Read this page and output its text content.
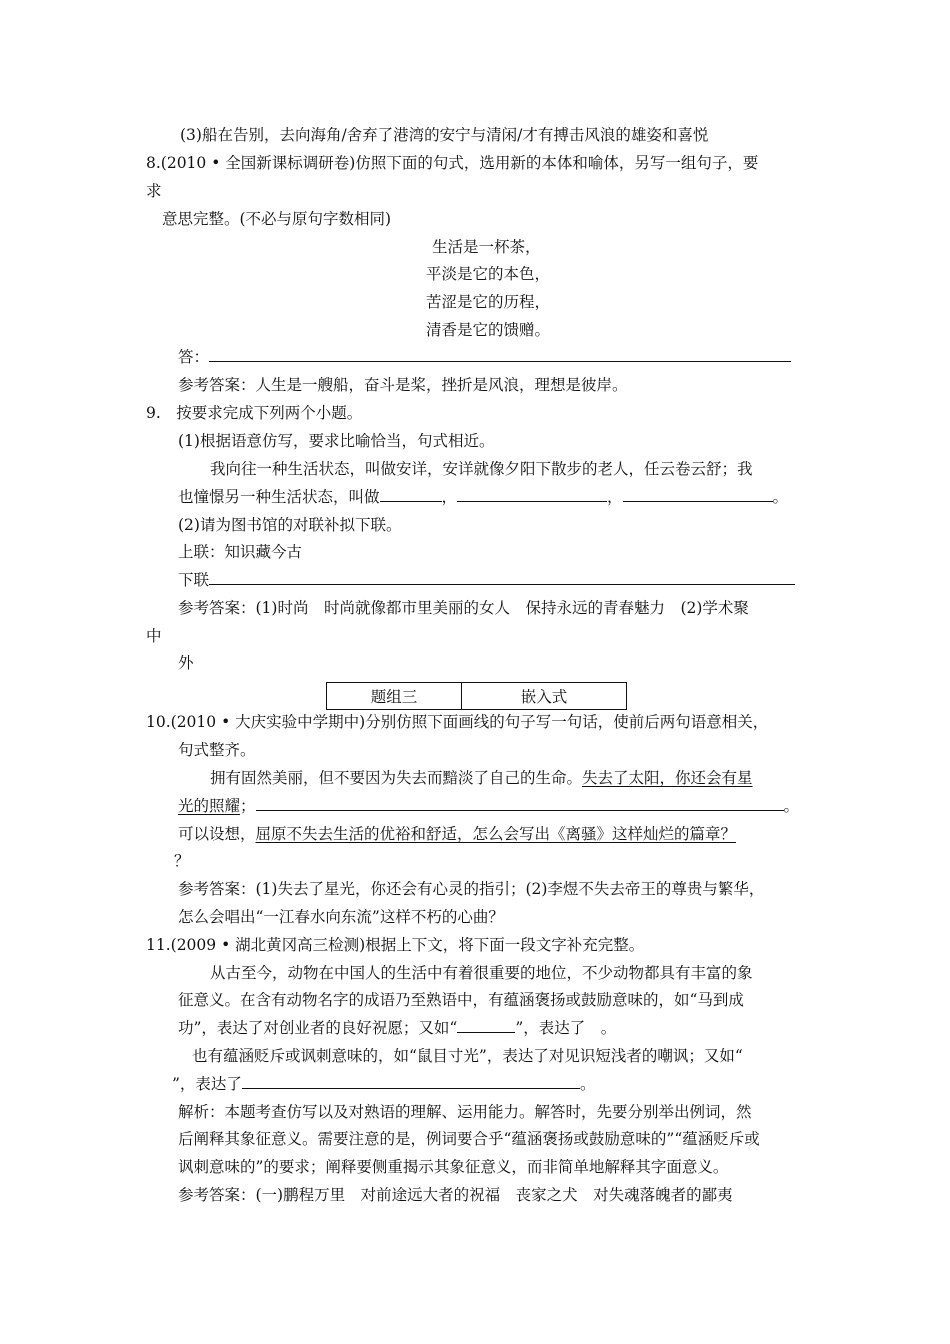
(3)船在告别，去向海角/舍弃了港湾的安宁与清闲/才有搏击风浪的雄姿和喜悦
8.(2010 • 全国新课标调研卷)仿照下面的句式，选用新的本体和喻体，另写一组句子，要
求
意思完整。(不必与原句字数相同)
生活是一杯茶，
平淡是它的本色，
苦涩是它的历程，
清香是它的馈赠。
答：
参考答案：人生是一艘船，奋斗是桨，挫折是风浪，理想是彼岸。
9.　按要求完成下列两个小题。
(1)根据语意仿写，要求比喻恰当，句式相近。
我向往一种生活状态，叫做安详，安详就像夕阳下散步的老人，任云卷云舒；我
也憧憬另一种生活状态，叫做	，	，	。
(2)请为图书馆的对联补拟下联。
上联：知识藏今古
下联
参考答案：(1)时尚　时尚就像都市里美丽的女人　保持永远的青春魅力　(2)学术聚
中
外
题组三	嵌入式
10.(2010 • 大庆实验中学期中)分别仿照下面画线的句子写一句话，使前后两句语意相关，
句式整齐。
拥有固然美丽，但不要因为失去而黯淡了自己的生命。失去了太阳，你还会有星
光的照耀；	。
可以设想，屈原不失去生活的优裕和舒适，怎么会写出《离骚》这样灿烂的篇章？
？
参考答案：(1)失去了星光，你还会有心灵的指引；(2)李煜不失去帝王的尊贵与繁华，
怎么会唱出“一江春水向东流”这样不朽的心曲？
11.(2009 • 湖北黄冈高三检测)根据上下文，将下面一段文字补充完整。
从古至今，动物在中国人的生活中有着很重要的地位，不少动物都具有丰富的象
征意义。在含有动物名字的成语乃至熟语中，有蕴涵褒扬或鼓励意味的，如“马到成
功”，表达了对创业者的良好祝愿；又如“	”，表达了　。
也有蕴涵贬斥或讽刺意味的，如“鼠目寸光”，表达了对见识短浅者的嘲讽；又如“
”，表达了	。
解析：本题考查仿写以及对熟语的理解、运用能力。解答时，先要分别举出例词，然
后阐释其象征意义。需要注意的是，例词要合乎“蕴涵褒扬或鼓励意味的”“蕴涵贬斥或
讽刺意味的”的要求；阐释要侧重揭示其象征意义，而非简单地解释其字面意义。
参考答案：(一)鹏程万里　对前途远大者的祝福　丧家之犬　对失魂落魄者的鄙夷
